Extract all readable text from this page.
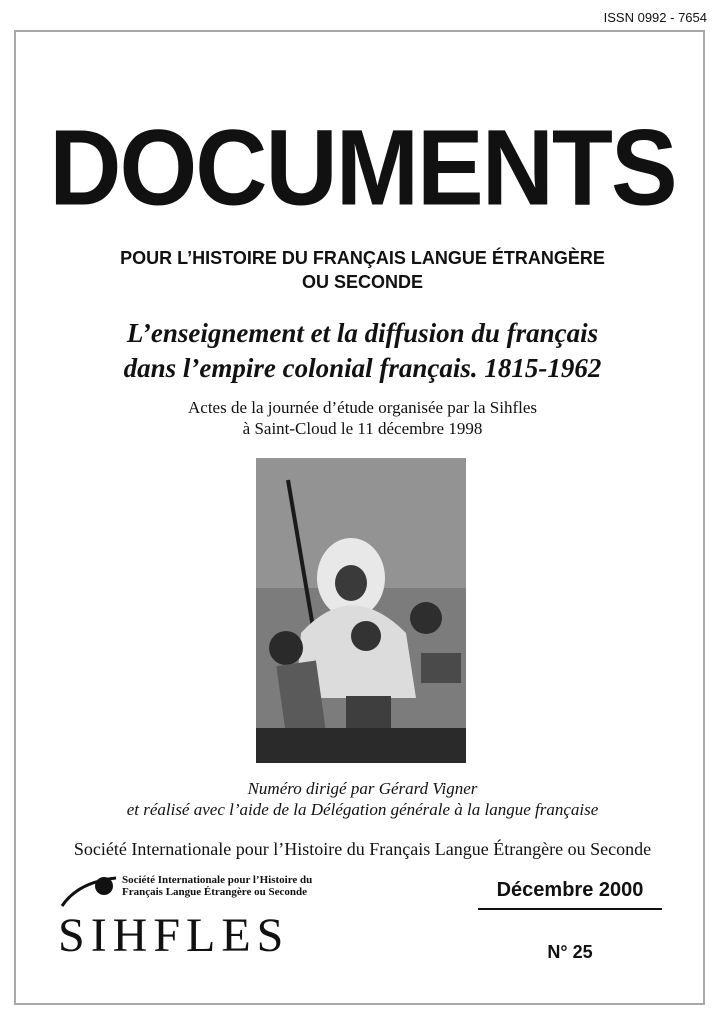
ISSN 0992 - 7654
DOCUMENTS
POUR L’HISTOIRE DU FRANÇAIS LANGUE ÉTRANGÈRE
OU SECONDE
L’enseignement et la diffusion du français
dans l’empire colonial français. 1815-1962
Actes de la journée d’étude organisée par la Sihfles
à Saint-Cloud le 11 décembre 1998
Numéro dirigé par Gérard Vigner
et réalisé avec l’aide de la Délégation générale à la langue française
Société Internationale pour l’Histoire du Français Langue Étrangère ou Seconde
Société Internationale pour l’Histoire du
Français Langue Étrangère ou Seconde
SIHFLES
Décembre 2000
N° 25
